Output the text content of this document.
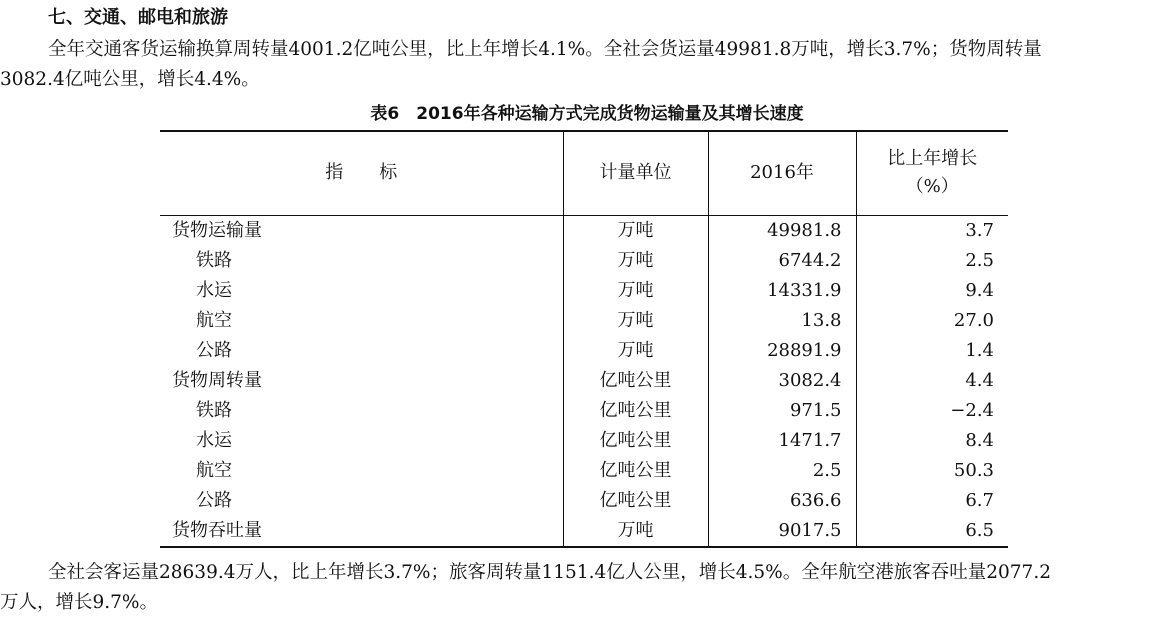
七、交通、邮电和旅游
全年交通客货运输换算周转量4001.2亿吨公里，比上年增长4.1%。全社会货运量49981.8万吨，增长3.7%；货物周转量
3082.4亿吨公里，增长4.4%。
表6　2016年各种运输方式完成货物运输量及其增长速度
指　　标	计量单位	2016年	比上年增长
（%）

货物运输量	万吨	49981.8	3.7
铁路	万吨	6744.2	2.5
水运	万吨	14331.9	9.4
航空	万吨	13.8	27.0
公路	万吨	28891.9	1.4
货物周转量	亿吨公里	3082.4	4.4
铁路	亿吨公里	971.5	−2.4
水运	亿吨公里	1471.7	8.4
航空	亿吨公里	2.5	50.3
公路	亿吨公里	636.6	6.7
货物吞吐量	万吨	9017.5	6.5
全社会客运量28639.4万人，比上年增长3.7%；旅客周转量1151.4亿人公里，增长4.5%。全年航空港旅客吞吐量2077.2
万人，增长9.7%。
